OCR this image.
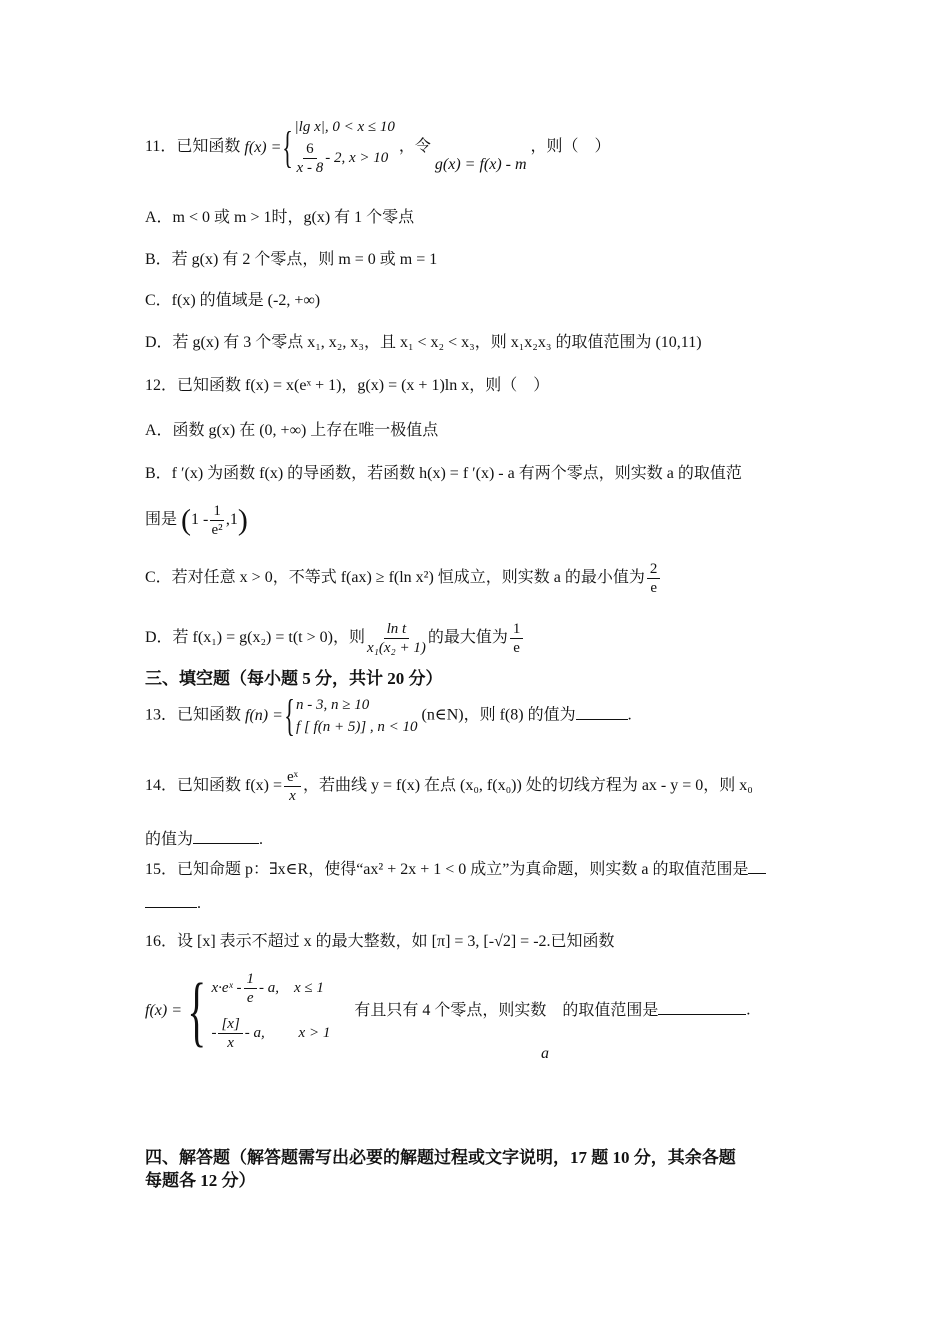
11．已知函数 f(x) = { |lg x|, 0 < x ≤ 10
$\frac{6}{x - 8} - 2$, x > 10
，令 g(x) = f(x) - m ，则（　）
A．m < 0 或 m > 1时，g(x) 有 1 个零点
B．若 g(x) 有 2 个零点，则 m = 0 或 m = 1
C．f(x) 的值域是 (-2, +∞)
D．若 g(x) 有 3 个零点 x₁, x₂, x₃，且 x₁ < x₂ < x₃，则 x₁x₂x₃ 的取值范围为 (10,11)
12．已知函数 f(x) = x(eˣ + 1)，g(x) = (x + 1)ln x，则（　）
A．函数 g(x) 在 (0, +∞) 上存在唯一极值点
B．f ′(x) 为函数 f(x) 的导函数，若函数 h(x) = f ′(x) - a 有两个零点，则实数 a 的取值范
围是 $(1 - \frac{1}{\text{e²}} ,1)$
C．若对任意 x > 0，不等式 f(ax) ≥ f(ln x²) 恒成立，则实数 a 的最小值为 $\frac{2}{e}$
D．若 f(x₁) = g(x₂) = t(t > 0)，则 $\frac{\text{ln t}}{\text{x₁(x₂ + 1)}}$ 的最大值为 $\frac{1}{e}$
三、填空题（每小题 5 分，共计 20 分）
13．已知函数 f(n) = { n - 3, n ≥ 10
f [ f(n + 5)] , n < 10
(n∈N)，则 f(8) 的值为	.
14．已知函数 $f(x) = \frac{\text{eˣ}}{x}$ ，若曲线 y = f(x) 在点 (x₀, f(x₀)) 处的切线方程为 ax - y = 0，则 x₀
的值为	.
15．已知命题 p：∃x∈R，使得“ax² + 2x + 1 < 0 成立”为真命题，则实数 a 的取值范围是
.
16．设 [x] 表示不超过 x 的最大整数，如 [π] = 3, [-√2] = -2.已知函数
f(x) = { x·eˣ - $\frac{1}{e}$ - a,　x ≤ 1
- $\frac{[x]}{x}$ - a,　　 x > 1
有且只有 4 个零点，则实数　的取值范围是	.
a
四、解答题（解答题需写出必要的解题过程或文字说明，17 题 10 分，其余各题
每题各 12 分）
